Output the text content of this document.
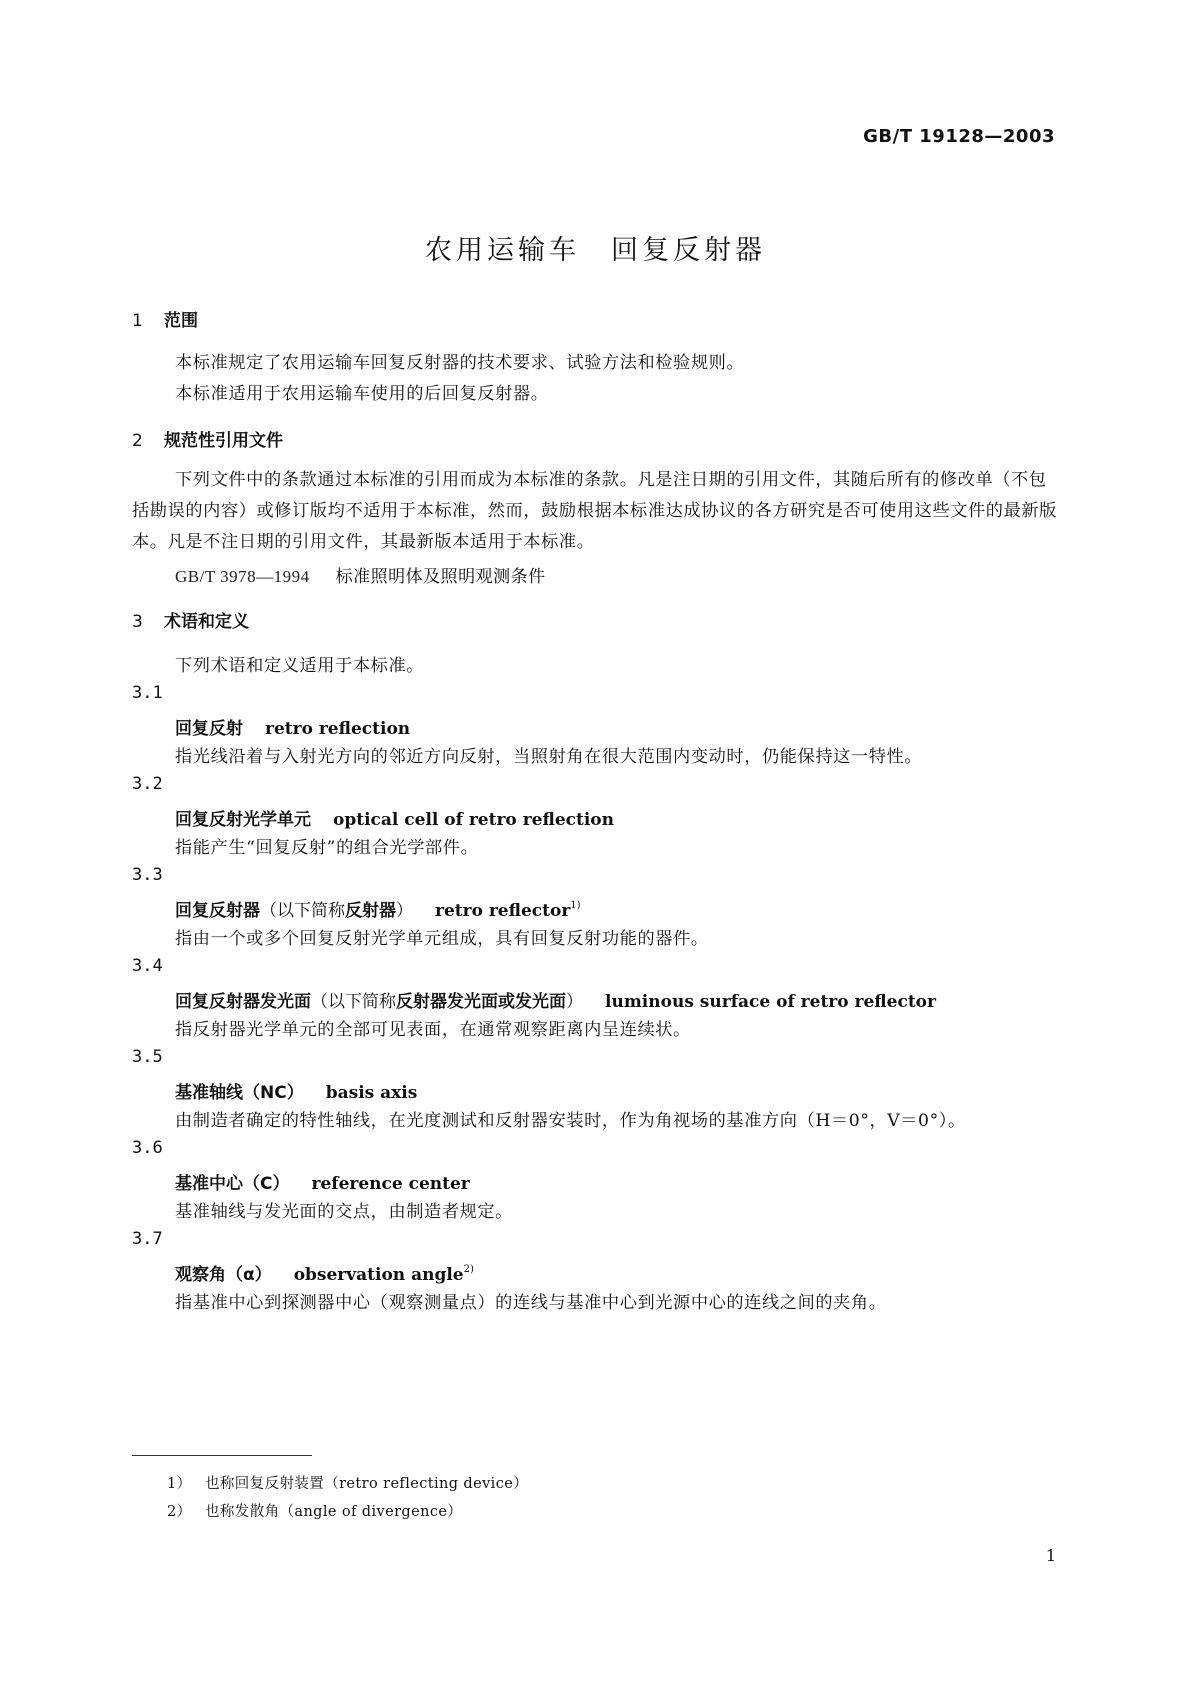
GB/T 19128—2003
农用运输车　回复反射器
1 范围
本标准规定了农用运输车回复反射器的技术要求、试验方法和检验规则。
本标准适用于农用运输车使用的后回复反射器。
2 规范性引用文件
下列文件中的条款通过本标准的引用而成为本标准的条款。凡是注日期的引用文件，其随后所有的修改单（不包括勘误的内容）或修订版均不适用于本标准，然而，鼓励根据本标准达成协议的各方研究是否可使用这些文件的最新版本。凡是不注日期的引用文件，其最新版本适用于本标准。
GB/T 3978—1994 标准照明体及照明观测条件
3 术语和定义
下列术语和定义适用于本标准。
3.1
回复反射 retro reflection
指光线沿着与入射光方向的邻近方向反射，当照射角在很大范围内变动时，仍能保持这一特性。
3.2
回复反射光学单元 optical cell of retro reflection
指能产生“回复反射”的组合光学部件。
3.3
回复反射器（以下简称反射器） retro reflector$^{1)}$
指由一个或多个回复反射光学单元组成，具有回复反射功能的器件。
3.4
回复反射器发光面（以下简称反射器发光面或发光面） luminous surface of retro reflector
指反射器光学单元的全部可见表面，在通常观察距离内呈连续状。
3.5
基准轴线（NC） basis axis
由制造者确定的特性轴线，在光度测试和反射器安装时，作为角视场的基准方向（H＝0°，V＝0°）。
3.6
基准中心（C） reference center
基准轴线与发光面的交点，由制造者规定。
3.7
观察角（α） observation angle$^{2)}$
指基准中心到探测器中心（观察测量点）的连线与基准中心到光源中心的连线之间的夹角。
1） 也称回复反射装置（retro reflecting device）
2） 也称发散角（angle of divergence）
1
